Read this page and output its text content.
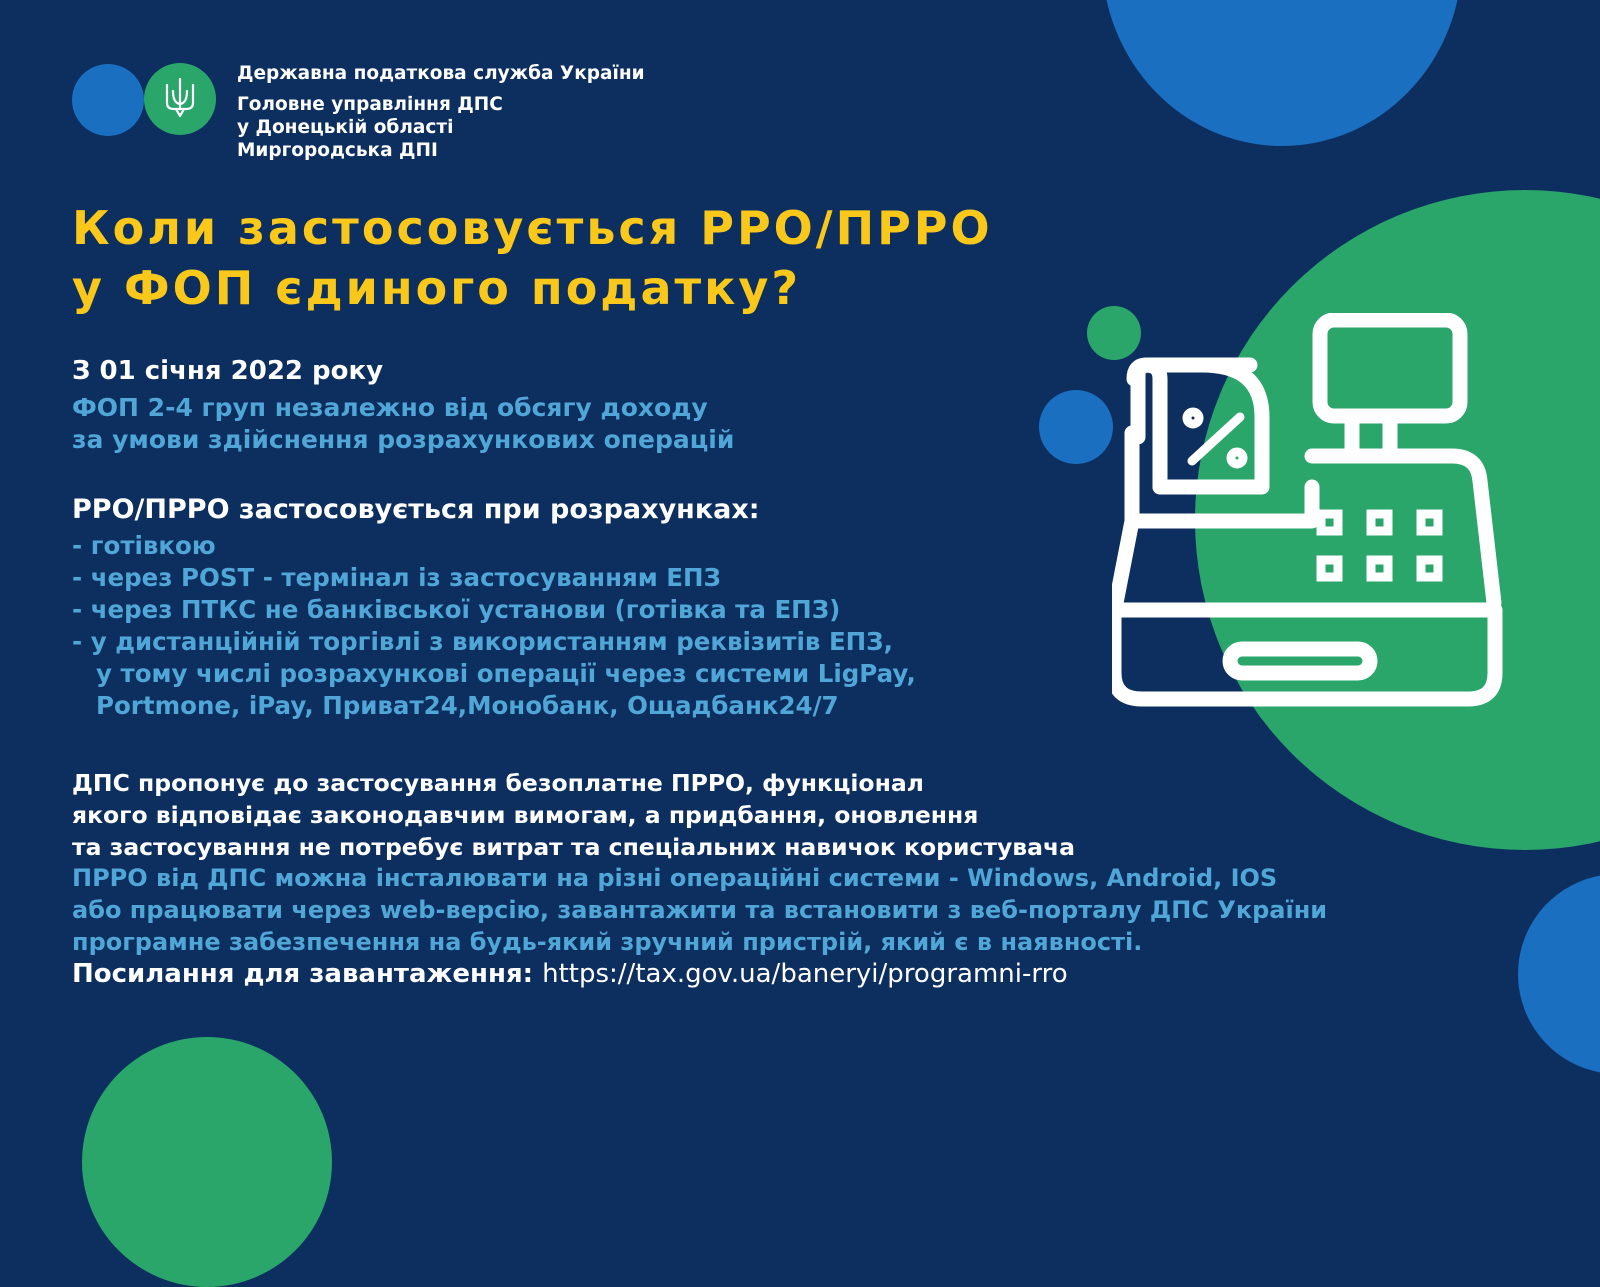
Державна податкова служба України
Головне управління ДПС
у Донецькій області
Миргородська ДПІ
Коли застосовується РРО/ПРРО
у ФОП єдиного податку?
З 01 січня 2022 року
ФОП 2-4 груп незалежно від обсягу доходу
за умови здійснення розрахункових операцій
РРО/ПРРО застосовується при розрахунках:
- готівкою
- через POST - термінал із застосуванням ЕПЗ
- через ПТКС не банківської установи (готівка та ЕПЗ)
- у дистанційній торгівлі з використанням реквізитів ЕПЗ,
у тому числі розрахункові операції через системи LigPay,
Portmone, iPay, Приват24,Монобанк, Ощадбанк24/7
ДПС пропонує до застосування безоплатне ПРРО, функціонал
якого відповідає законодавчим вимогам, а придбання, оновлення
та застосування не потребує витрат та спеціальних навичок користувача
ПРРО від ДПС можна інсталювати на різні операційні системи - Windows, Android, IOS
або працювати через web-версію, завантажити та встановити з веб-порталу ДПС України
програмне забезпечення на будь-який зручний пристрій, який є в наявності.
Посилання для завантаження: https://tax.gov.ua/baneryi/programni-rro
